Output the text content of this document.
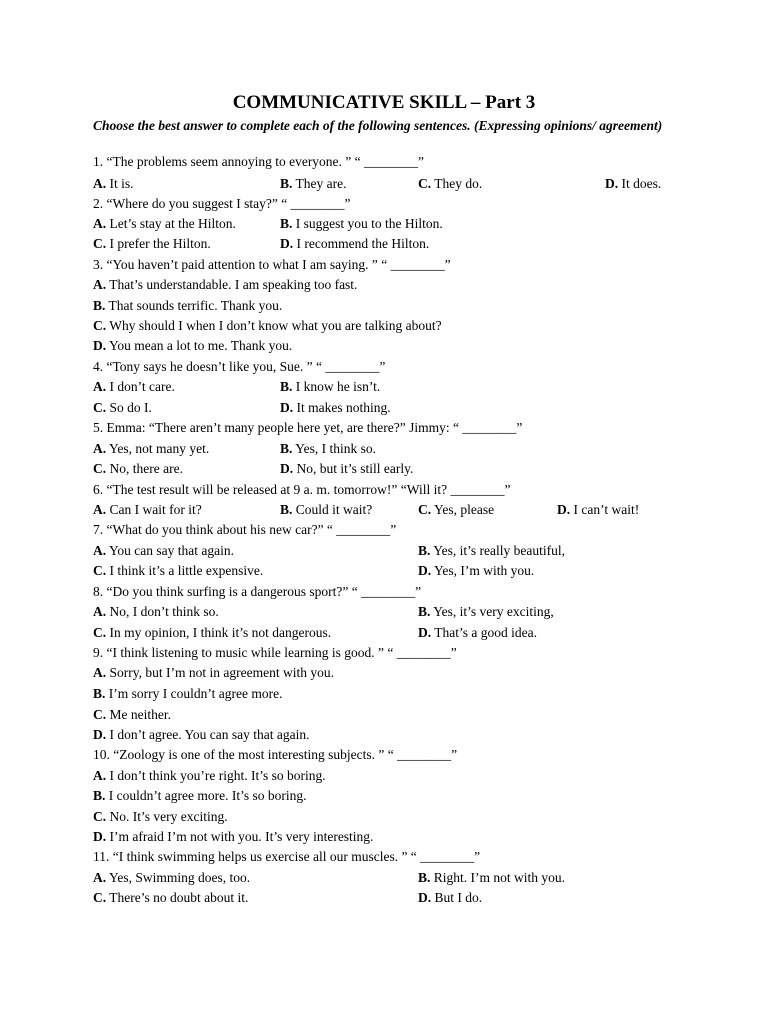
COMMUNICATIVE SKILL – Part 3
Choose the best answer to complete each of the following sentences. (Expressing opinions/ agreement)
1. “The problems seem annoying to everyone. ” “ ________”
A. It is.	B. They are.	C. They do.	D. It does.
2. “Where do you suggest I stay?” “ ________”
A. Let’s stay at the Hilton.	B. I suggest you to the Hilton.
C. I prefer the Hilton.	D. I recommend the Hilton.
3. “You haven’t paid attention to what I am saying. ” “ ________”
A. That’s understandable. I am speaking too fast.
B. That sounds terrific. Thank you.
C. Why should I when I don’t know what you are talking about?
D. You mean a lot to me. Thank you.
4. “Tony says he doesn’t like you, Sue. ” “ ________”
A. I don’t care.	B. I know he isn’t.
C. So do I.	D. It makes nothing.
5. Emma: “There aren’t many people here yet, are there?” Jimmy: “ ________”
A. Yes, not many yet.	B. Yes, I think so.
C. No, there are.	D. No, but it’s still early.
6. “The test result will be released at 9 a. m. tomorrow!” “Will it? ________”
A. Can I wait for it?	B. Could it wait?	C. Yes, please	D. I can’t wait!
7. “What do you think about his new car?” “ ________”
A. You can say that again.	B. Yes, it’s really beautiful,
C. I think it’s a little expensive.	D. Yes, I’m with you.
8. “Do you think surfing is a dangerous sport?” “ ________”
A. No, I don’t think so.	B. Yes, it’s very exciting,
C. In my opinion, I think it’s not dangerous.	D. That’s a good idea.
9. “I think listening to music while learning is good. ” “ ________”
A. Sorry, but I’m not in agreement with you.
B. I’m sorry I couldn’t agree more.
C. Me neither.
D. I don’t agree. You can say that again.
10. “Zoology is one of the most interesting subjects. ” “ ________”
A. I don’t think you’re right. It’s so boring.
B. I couldn’t agree more. It’s so boring.
C. No. It’s very exciting.
D. I’m afraid I’m not with you. It’s very interesting.
11. “I think swimming helps us exercise all our muscles. ” “ ________”
A. Yes, Swimming does, too.	B. Right. I’m not with you.
C. There’s no doubt about it.	D. But I do.
